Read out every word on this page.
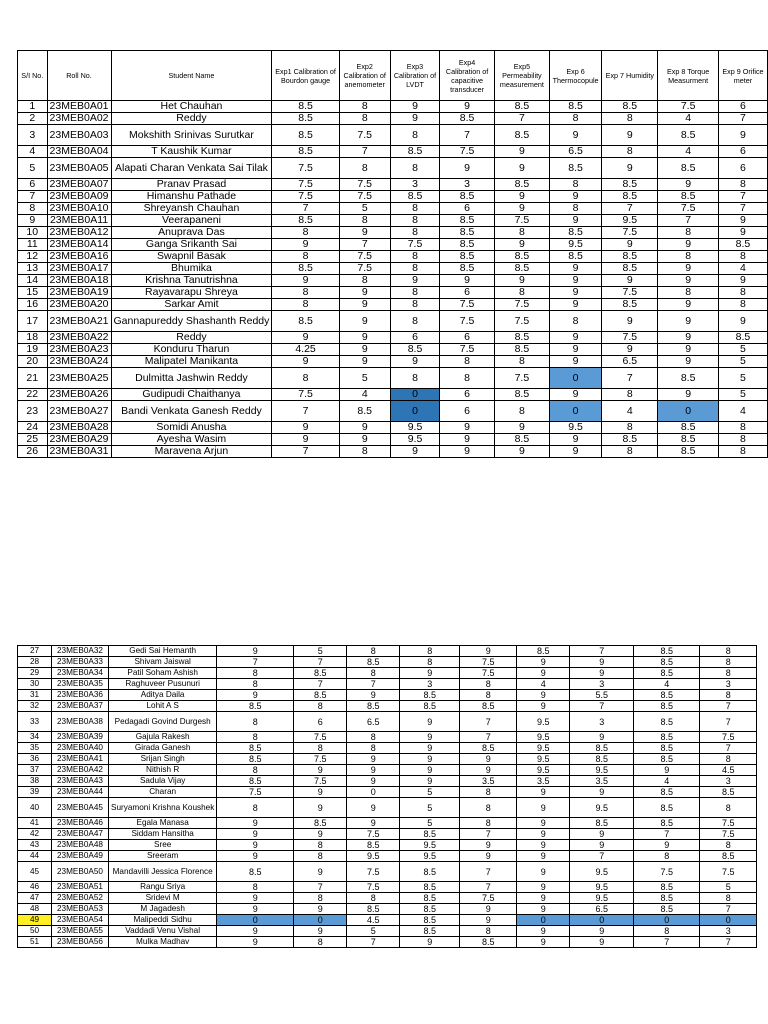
S/I No.	Roll No.	Student Name	Exp1 Calibration of Bourdon gauge	Exp2 Calibration of anemometer	Exp3 Calibration of LVDT	Exp4 Calibration of capacitive transducer	Exp5 Permeability measurement	Exp 6 Thermocopule	Exp 7 Humidity	Exp 8 Torque Measurment	Exp 9 Orifice meter
1	23MEB0A01	Het Chauhan	8.5	8	9	9	8.5	8.5	8.5	7.5	6
2	23MEB0A02	Reddy	8.5	8	9	8.5	7	8	8	4	7
3	23MEB0A03	Mokshith Srinivas Surutkar	8.5	7.5	8	7	8.5	9	9	8.5	9
4	23MEB0A04	T Kaushik Kumar	8.5	7	8.5	7.5	9	6.5	8	4	6
5	23MEB0A05	Alapati Charan Venkata Sai Tilak	7.5	8	8	9	9	8.5	9	8.5	6
6	23MEB0A07	Pranav Prasad	7.5	7.5	3	3	8.5	8	8.5	9	8
7	23MEB0A09	Himanshu Pathade	7.5	7.5	8.5	8.5	9	9	8.5	8.5	7
8	23MEB0A10	Shreyansh Chauhan	7	5	8	6	9	8	7	7.5	7
9	23MEB0A11	Veerapaneni	8.5	8	8	8.5	7.5	9	9.5	7	9
10	23MEB0A12	Anuprava Das	8	9	8	8.5	8	8.5	7.5	8	9
11	23MEB0A14	Ganga Srikanth Sai	9	7	7.5	8.5	9	9.5	9	9	8.5
12	23MEB0A16	Swapnil Basak	8	7.5	8	8.5	8.5	8.5	8.5	8	8
13	23MEB0A17	Bhumika	8.5	7.5	8	8.5	8.5	9	8.5	9	4
14	23MEB0A18	Krishna Tanutrishna	9	8	9	9	9	9	9	9	9
15	23MEB0A19	Rayavarapu Shreya	8	9	8	6	8	9	7.5	8	8
16	23MEB0A20	Sarkar Amit	8	9	8	7.5	7.5	9	8.5	9	8
17	23MEB0A21	Gannapureddy Shashanth Reddy	8.5	9	8	7.5	7.5	8	9	9	9
18	23MEB0A22	Reddy	9	9	6	6	8.5	9	7.5	9	8.5
19	23MEB0A23	Konduru Tharun	4.25	9	8.5	7.5	8.5	9	9	9	5
20	23MEB0A24	Malipatel Manikanta	9	9	9	8	8	9	6.5	9	5
21	23MEB0A25	Dulmitta Jashwin Reddy	8	5	8	8	7.5	0	7	8.5	5
22	23MEB0A26	Gudipudi Chaithanya	7.5	4	0	6	8.5	9	8	9	5
23	23MEB0A27	Bandi Venkata Ganesh Reddy	7	8.5	0	6	8	0	4	0	4
24	23MEB0A28	Somidi Anusha	9	9	9.5	9	9	9.5	8	8.5	8
25	23MEB0A29	Ayesha Wasim	9	9	9.5	9	8.5	9	8.5	8.5	8
26	23MEB0A31	Maravena Arjun	7	8	9	9	9	9	8	8.5	8
27	23MEB0A32	Gedi Sai Hemanth	9	5	8	8	9	8.5	7	8.5	8
28	23MEB0A33	Shivam Jaiswal	7	7	8.5	8	7.5	9	9	8.5	8
29	23MEB0A34	Patil Soham Ashish	8	8.5	8	9	7.5	9	9	8.5	8
30	23MEB0A35	Raghuveer Pusunuri	8	7	7	3	8	4	3	4	3
31	23MEB0A36	Aditya Daila	9	8.5	9	8.5	8	9	5.5	8.5	8
32	23MEB0A37	Lohit A S	8.5	8	8.5	8.5	8.5	9	7	8.5	7
33	23MEB0A38	Pedagadi Govind Durgesh	8	6	6.5	9	7	9.5	3	8.5	7
34	23MEB0A39	Gajula Rakesh	8	7.5	8	9	7	9.5	9	8.5	7.5
35	23MEB0A40	Girada Ganesh	8.5	8	8	9	8.5	9.5	8.5	8.5	7
36	23MEB0A41	Srijan Singh	8.5	7.5	9	9	9	9.5	8.5	8.5	8
37	23MEB0A42	Nithish R	8	9	9	9	9	9.5	9.5	9	4.5
38	23MEB0A43	Sadula Vijay	8.5	7.5	9	9	3.5	3.5	3.5	4	3
39	23MEB0A44	Charan	7.5	9	0	5	8	9	9	8.5	8.5
40	23MEB0A45	Suryamoni Krishna Koushek	8	9	9	5	8	9	9.5	8.5	8
41	23MEB0A46	Egala Manasa	9	8.5	9	5	8	9	8.5	8.5	7.5
42	23MEB0A47	Siddam Hansitha	9	9	7.5	8.5	7	9	9	7	7.5
43	23MEB0A48	Sree	9	8	8.5	9.5	9	9	9	9	8
44	23MEB0A49	Sreeram	9	8	9.5	9.5	9	9	7	8	8.5
45	23MEB0A50	Mandavilli Jessica Florence	8.5	9	7.5	8.5	7	9	9.5	7.5	7.5
46	23MEB0A51	Rangu Sriya	8	7	7.5	8.5	7	9	9.5	8.5	5
47	23MEB0A52	Sridevi M	9	8	8	8.5	7.5	9	9.5	8.5	8
48	23MEB0A53	M Jagadesh	9	9	8.5	8.5	9	9	6.5	8.5	7
49	23MEB0A54	Malipeddi Sidhu	0	0	4.5	8.5	9	0	0	0	0
50	23MEB0A55	Vaddadi Venu Vishal	9	9	5	8.5	8	9	9	8	3
51	23MEB0A56	Mulka Madhav	9	8	7	9	8.5	9	9	7	7
